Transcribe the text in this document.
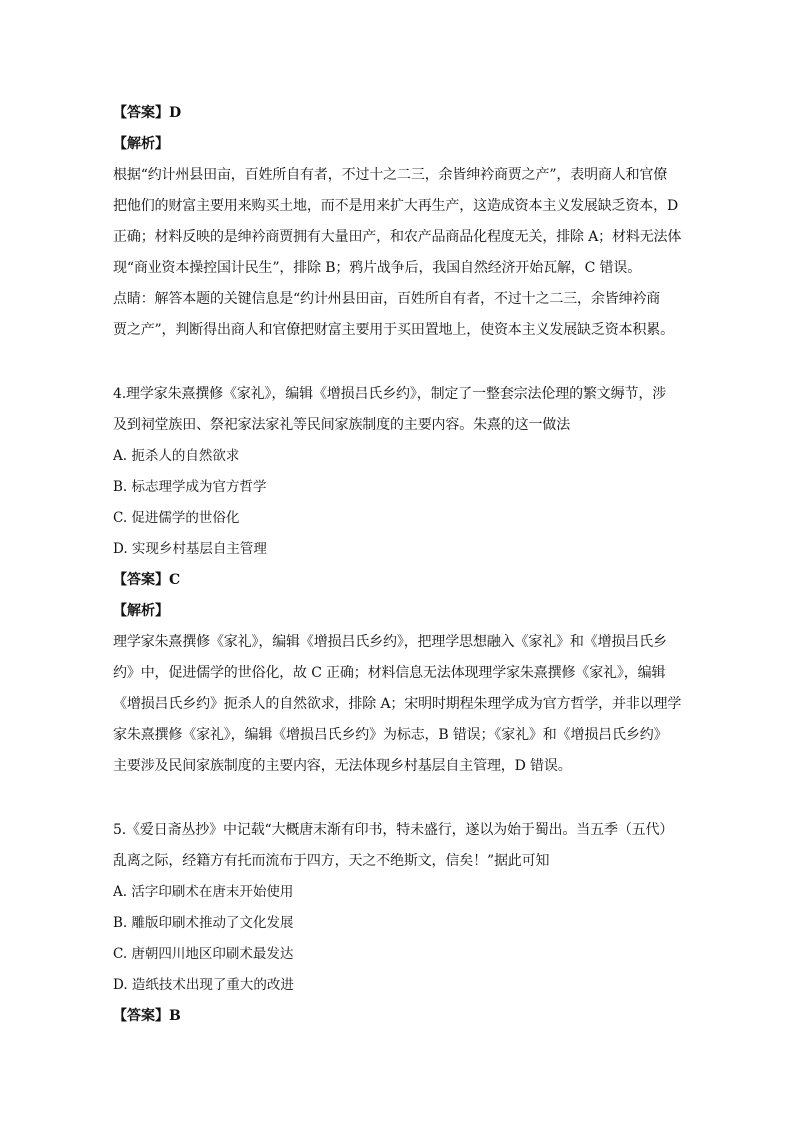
【答案】D
【解析】
根据“约计州县田亩，百姓所自有者，不过十之二三，余皆绅衿商贾之产”，表明商人和官僚
把他们的财富主要用来购买土地，而不是用来扩大再生产，这造成资本主义发展缺乏资本，D
正确；材料反映的是绅衿商贾拥有大量田产，和农产品商品化程度无关，排除 A；材料无法体
现“商业资本操控国计民生”，排除 B；鸦片战争后，我国自然经济开始瓦解，C 错误。
点睛：解答本题的关键信息是“约计州县田亩，百姓所自有者，不过十之二三，余皆绅衿商
贾之产”，判断得出商人和官僚把财富主要用于买田置地上，使资本主义发展缺乏资本积累。
4.理学家朱熹撰修《家礼》，编辑《增损吕氏乡约》，制定了一整套宗法伦理的繁文缛节，涉
及到祠堂族田、祭祀家法家礼等民间家族制度的主要内容。朱熹的这一做法
A. 扼杀人的自然欲求
B. 标志理学成为官方哲学
C. 促进儒学的世俗化
D. 实现乡村基层自主管理
【答案】C
【解析】
理学家朱熹撰修《家礼》，编辑《增损吕氏乡约》，把理学思想融入《家礼》和《增损吕氏乡
约》中，促进儒学的世俗化，故 C 正确；材料信息无法体现理学家朱熹撰修《家礼》，编辑
《增损吕氏乡约》扼杀人的自然欲求，排除 A；宋明时期程朱理学成为官方哲学，并非以理学
家朱熹撰修《家礼》，编辑《增损吕氏乡约》为标志，B 错误；《家礼》和《增损吕氏乡约》
主要涉及民间家族制度的主要内容，无法体现乡村基层自主管理，D 错误。
5.《爱日斋丛抄》中记载“大概唐末渐有印书，特未盛行，遂以为始于蜀出。当五季（五代）
乱离之际，经籍方有托而流布于四方，天之不绝斯文，信矣！”据此可知
A. 活字印刷术在唐末开始使用
B. 雕版印刷术推动了文化发展
C. 唐朝四川地区印刷术最发达
D. 造纸技术出现了重大的改进
【答案】B
